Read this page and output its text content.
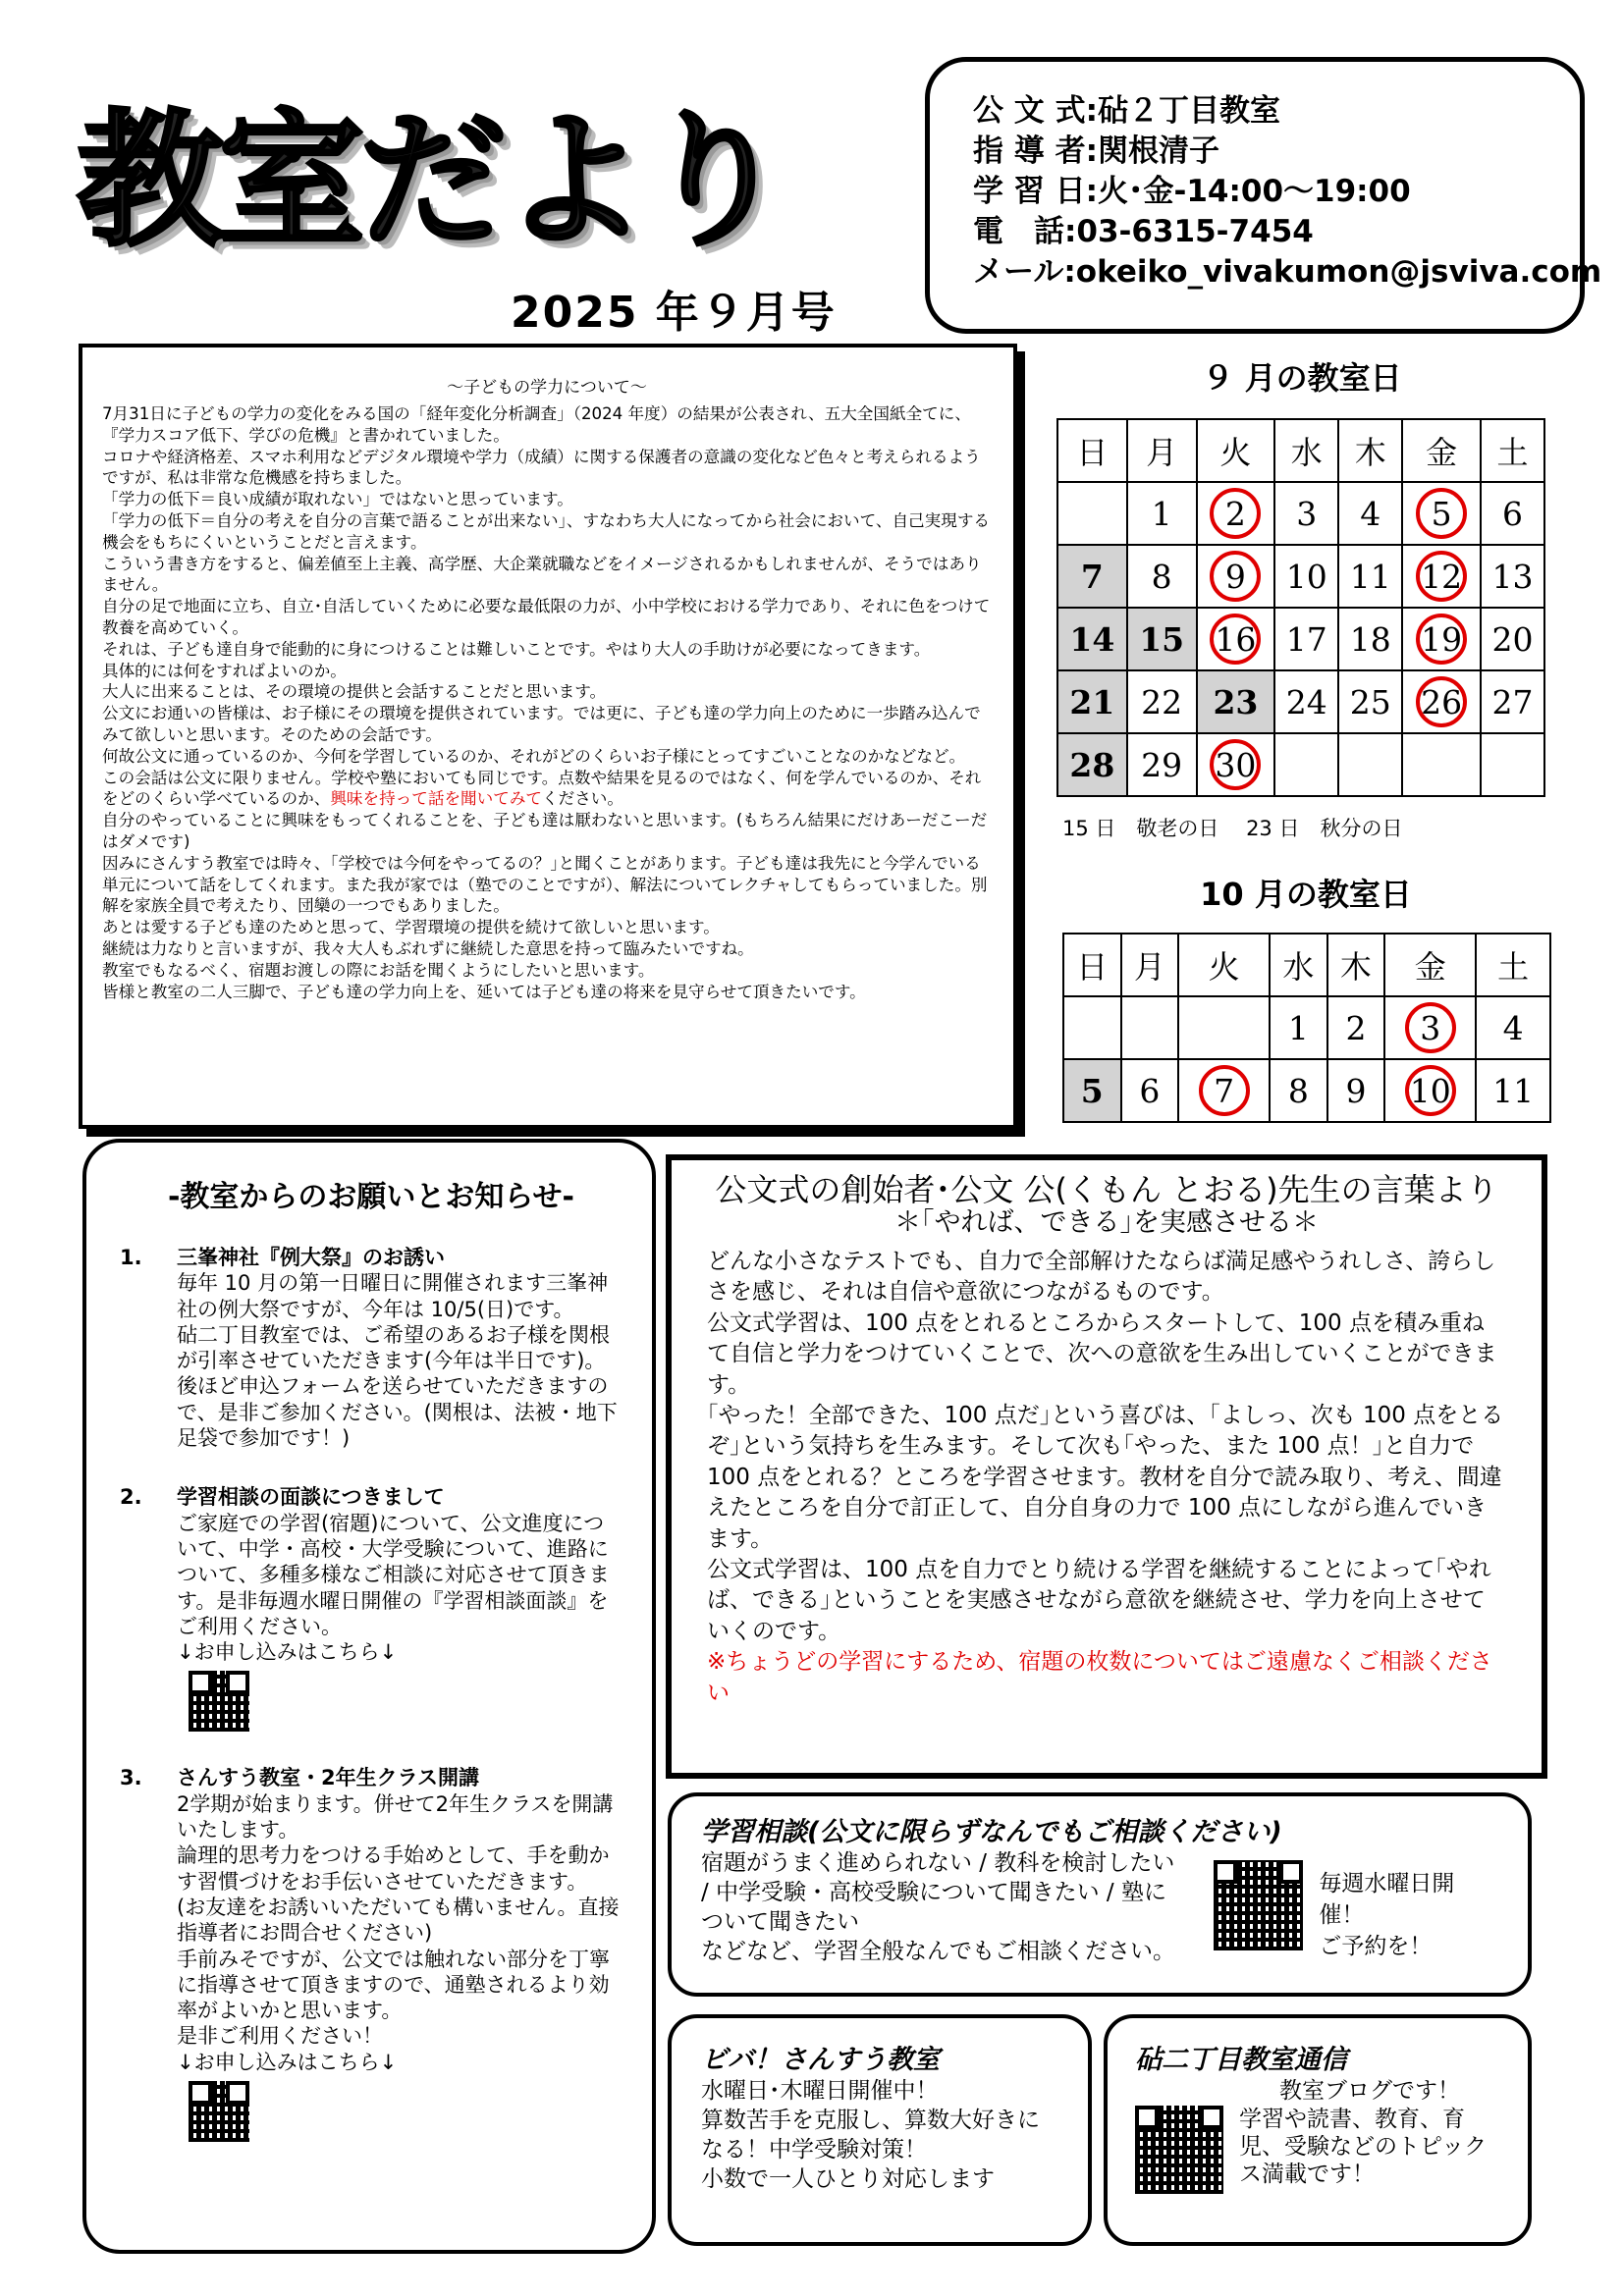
教室だより
2025 年９月号
公 文 式:砧２丁目教室
指 導 者:関根清子
学 習 日:火･金-14:00～19:00
電　話:03-6315-7454
メール:okeiko_vivakumon@jsviva.com
～子どもの学力について～
7月31日に子どもの学力の変化をみる国の「経年変化分析調査」（2024 年度）の結果が公表され、五大全国紙全てに、『学力スコア低下、学びの危機』と書かれていました。
コロナや経済格差、スマホ利用などデジタル環境や学力（成績）に関する保護者の意識の変化など色々と考えられるようですが、私は非常な危機感を持ちました。
「学力の低下＝良い成績が取れない」ではないと思っています。
「学力の低下＝自分の考えを自分の言葉で語ることが出来ない」、すなわち大人になってから社会において、自己実現する機会をもちにくいということだと言えます。
こういう書き方をすると、偏差値至上主義、高学歴、大企業就職などをイメージされるかもしれませんが、そうではありません。
自分の足で地面に立ち、自立･自活していくために必要な最低限の力が、小中学校における学力であり、それに色をつけて教養を高めていく。
それは、子ども達自身で能動的に身につけることは難しいことです。やはり大人の手助けが必要になってきます。
具体的には何をすればよいのか。
大人に出来ることは、その環境の提供と会話することだと思います。
公文にお通いの皆様は、お子様にその環境を提供されています。では更に、子ども達の学力向上のために一歩踏み込んでみて欲しいと思います。そのための会話です。
何故公文に通っているのか、今何を学習しているのか、それがどのくらいお子様にとってすごいことなのかなどなど。
この会話は公文に限りません。学校や塾においても同じです。点数や結果を見るのではなく、何を学んでいるのか、それをどのくらい学べているのか、興味を持って話を聞いてみてください。
自分のやっていることに興味をもってくれることを、子ども達は厭わないと思います。(もちろん結果にだけあーだこーだはダメです)
因みにさんすう教室では時々、｢学校では今何をやってるの？｣と聞くことがあります。子ども達は我先にと今学んでいる単元について話をしてくれます。また我が家では（塾でのことですが）、解法についてレクチャしてもらっていました。別解を家族全員で考えたり、団欒の一つでもありました。
あとは愛する子ども達のためと思って、学習環境の提供を続けて欲しいと思います。
継続は力なりと言いますが、我々大人もぶれずに継続した意思を持って臨みたいですね。
教室でもなるべく、宿題お渡しの際にお話を聞くようにしたいと思います。
皆様と教室の二人三脚で、子ども達の学力向上を、延いては子ども達の将来を見守らせて頂きたいです。
９ 月の教室日
日	月	火	水	木	金	土
	1	2	3	4	5	6
7	8	9	10	11	12	13
14	15	16	17	18	19	20
21	22	23	24	25	26	27
28	29	30				
15 日　敬老の日　 23 日　秋分の日
10 月の教室日
日	月	火	水	木	金	土
			1	2	3	4
5	6	7	8	9	10	11
-教室からのお願いとお知らせ-
1.	三峯神社『例大祭』のお誘い
毎年 10 月の第一日曜日に開催されます三峯神社の例大祭ですが、今年は 10/5(日)です。
砧二丁目教室では、ご希望のあるお子様を関根が引率させていただきます(今年は半日です)。
後ほど申込フォームを送らせていただきますので、是非ご参加ください。(関根は、法被・地下足袋で参加です！)
2.	学習相談の面談につきまして
ご家庭での学習(宿題)について、公文進度について、中学・高校・大学受験について、進路について、多種多様なご相談に対応させて頂きます。是非毎週水曜日開催の『学習相談面談』をご利用ください。
↓お申し込みはこちら↓
3.	さんすう教室・2年生クラス開講
2学期が始まります。併せて2年生クラスを開講いたします。
論理的思考力をつける手始めとして、手を動かす習慣づけをお手伝いさせていただきます。
(お友達をお誘いいただいても構いません。直接指導者にお問合せください)
手前みそですが、公文では触れない部分を丁寧に指導させて頂きますので、通塾されるより効率がよいかと思います。
是非ご利用ください！
↓お申し込みはこちら↓
公文式の創始者･公文 公(くもん とおる)先生の言葉より
＊｢やれば、できる｣を実感させる＊
どんな小さなテストでも、自力で全部解けたならば満足感やうれしさ、誇らしさを感じ、それは自信や意欲につながるものです。
公文式学習は、100 点をとれるところからスタートして、100 点を積み重ねて自信と学力をつけていくことで、次への意欲を生み出していくことができます。
｢やった！全部できた、100 点だ｣という喜びは、｢よしっ、次も 100 点をとるぞ｣という気持ちを生みます。そして次も｢やった、また 100 点！｣と自力で 100 点をとれる？ところを学習させます。教材を自分で読み取り、考え、間違えたところを自分で訂正して、自分自身の力で 100 点にしながら進んでいきます。
公文式学習は、100 点を自力でとり続ける学習を継続することによって｢やれば、できる｣ということを実感させながら意欲を継続させ、学力を向上させていくのです。
※ちょうどの学習にするため、宿題の枚数についてはご遠慮なくご相談ください
学習相談(公文に限らずなんでもご相談ください)
宿題がうまく進められない / 教科を検討したい / 中学受験・高校受験について聞きたい / 塾について聞きたい
などなど、学習全般なんでもご相談ください。
毎週水曜日開催！
ご予約を！
ビバ！さんすう教室
水曜日･木曜日開催中！
算数苦手を克服し、算数大好きになる！中学受験対策！
小数で一人ひとり対応します
砧二丁目教室通信
教室ブログです！
学習や読書、教育、育児、受験などのトピックス満載です！
